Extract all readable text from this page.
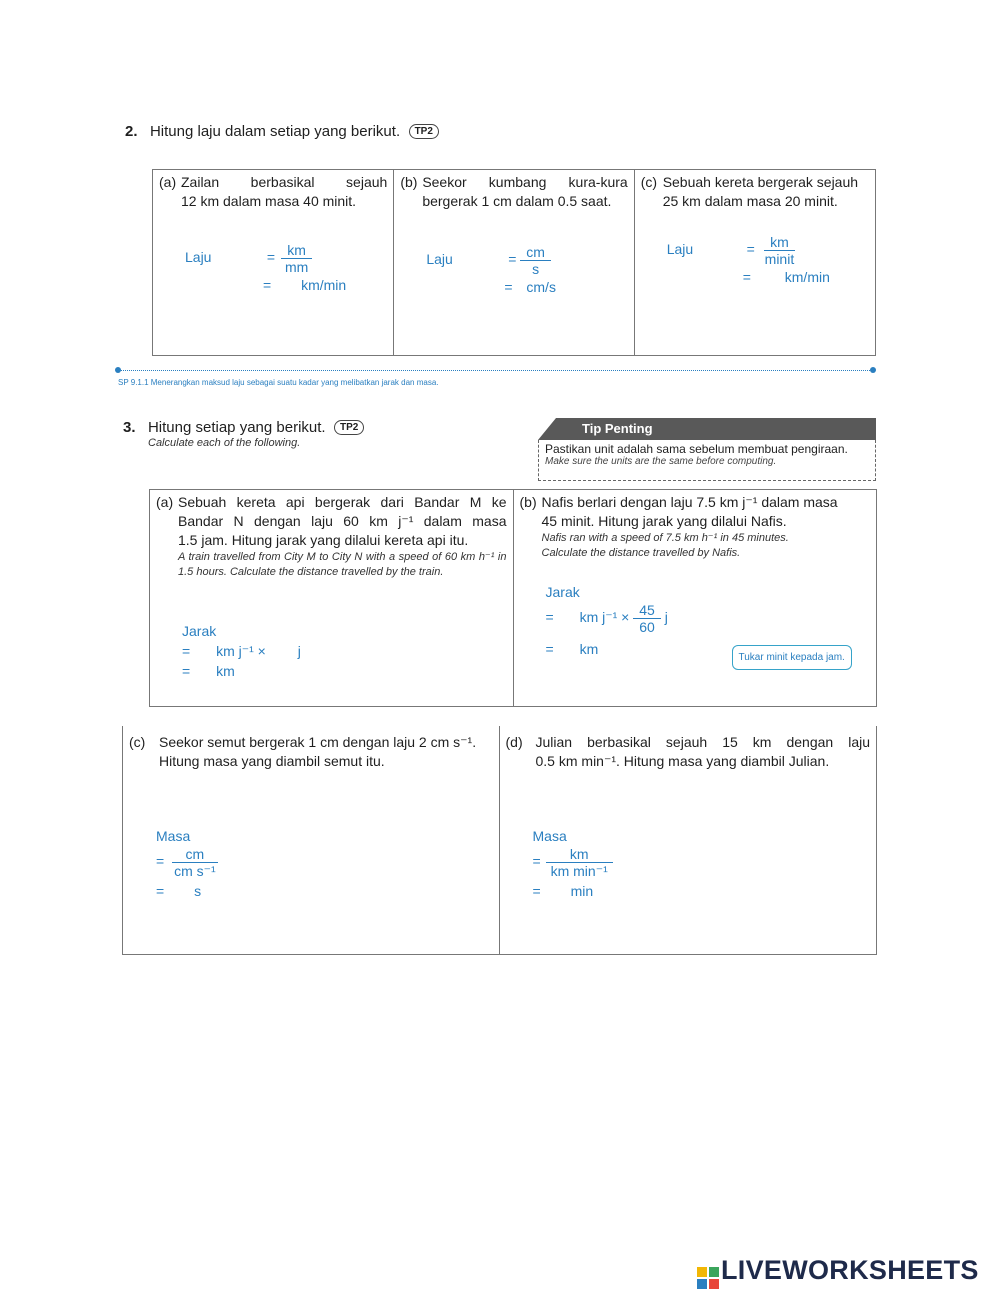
2. Hitung laju dalam setiap yang berikut. TP2
(a) Zailan berbasikal sejauh
12 km dalam masa 40 minit.
Laju	= $\frac{km}{mm}$
= km/min

(b) Seekor kumbang kura-kura
bergerak 1 cm dalam 0.5 saat.
Laju	= $\frac{cm}{s}$
= cm/s

(c) Sebuah kereta bergerak sejauh
25 km dalam masa 20 minit.
Laju	= $\frac{km}{\text{minit}}$
= km/min
SP 9.1.1 Menerangkan maksud laju sebagai suatu kadar yang melibatkan jarak dan masa.
3. Hitung setiap yang berikut. TP2
Calculate each of the following.
Tip Penting
Pastikan unit adalah sama sebelum membuat pengiraan.
Make sure the units are the same before computing.
(a) Sebuah kereta api bergerak dari Bandar M ke
Bandar N dengan laju 60 km j⁻¹ dalam masa
1.5 jam. Hitung jarak yang dilalui kereta api itu.
A train travelled from City M to City N with a speed of 60 km h⁻¹ in 1.5 hours. Calculate the distance travelled by the train.
Jarak
= km j⁻¹ × j
= km

(b) Nafis berlari dengan laju 7.5 km j⁻¹ dalam masa
45 minit. Hitung jarak yang dilalui Nafis.
Nafis ran with a speed of 7.5 km h⁻¹ in 45 minutes.
Calculate the distance travelled by Nafis.
Jarak
= km $j^{-1} \times \frac{45}{60}$ j
= km
Tukar minit kepada jam.
(c) Seekor semut bergerak 1 cm dengan laju 2 cm s⁻¹.
Hitung masa yang diambil semut itu.
Masa
= $\frac{cm}{\text{cm s⁻¹}}$
= s

(d) Julian berbasikal sejauh 15 km dengan laju
0.5 km min⁻¹. Hitung masa yang diambil Julian.
Masa
= $\frac{km}{\text{km min⁻¹}}$
= min
LIVEWORKSHEETS
